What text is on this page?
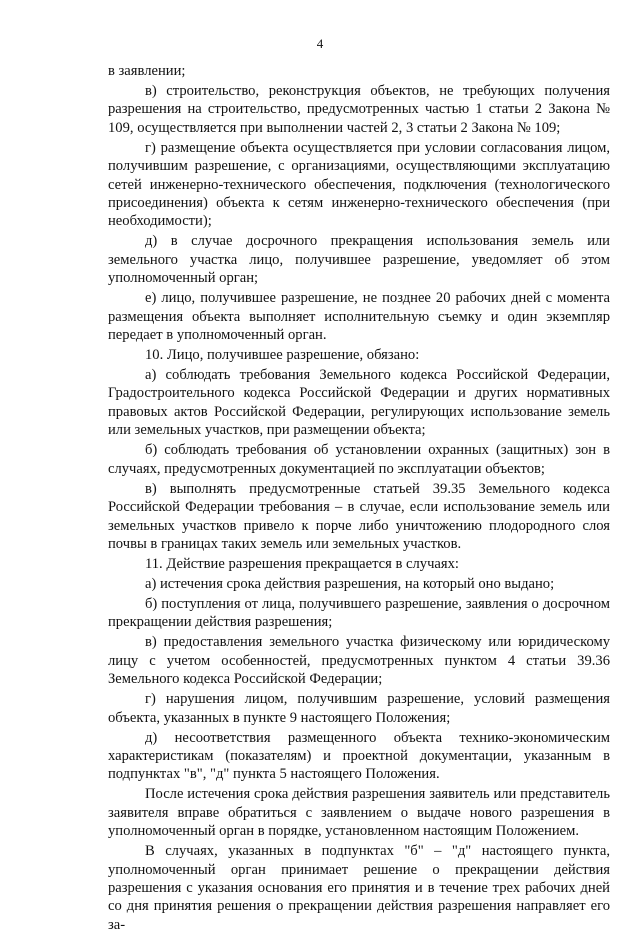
4

в заявлении;

в) строительство, реконструкция объектов, не требующих получения разрешения на строительство, предусмотренных частью 1 статьи 2 Закона № 109, осуществляется при выполнении частей 2, 3 статьи 2 Закона № 109;

г) размещение объекта осуществляется при условии согласования лицом, получившим разрешение, с организациями, осуществляющими эксплуатацию сетей инженерно-технического обеспечения, подключения (технологического присоединения) объекта к сетям инженерно-технического обеспечения (при необходимости);

д) в случае досрочного прекращения использования земель или земельного участка лицо, получившее разрешение, уведомляет об этом уполномоченный орган;

е) лицо, получившее разрешение, не позднее 20 рабочих дней с момента размещения объекта выполняет исполнительную съемку и один экземпляр передает в уполномоченный орган.

10. Лицо, получившее разрешение, обязано:

а) соблюдать требования Земельного кодекса Российской Федерации, Градостроительного кодекса Российской Федерации и других нормативных правовых актов Российской Федерации, регулирующих использование земель или земельных участков, при размещении объекта;

б) соблюдать требования об установлении охранных (защитных) зон в случаях, предусмотренных документацией по эксплуатации объектов;

в) выполнять предусмотренные статьей 39.35 Земельного кодекса Российской Федерации требования – в случае, если использование земель или земельных участков привело к порче либо уничтожению плодородного слоя почвы в границах таких земель или земельных участков.

11. Действие разрешения прекращается в случаях:

а) истечения срока действия разрешения, на который оно выдано;

б) поступления от лица, получившего разрешение, заявления о досрочном прекращении действия разрешения;

в) предоставления земельного участка физическому или юридическому лицу с учетом особенностей, предусмотренных пунктом 4 статьи 39.36 Земельного кодекса Российской Федерации;

г) нарушения лицом, получившим разрешение, условий размещения объекта, указанных в пункте 9 настоящего Положения;

д) несоответствия размещенного объекта технико-экономическим характеристикам (показателям) и проектной документации, указанным в подпунктах "в", "д" пункта 5 настоящего Положения.

После истечения срока действия разрешения заявитель или представитель заявителя вправе обратиться с заявлением о выдаче нового разрешения в уполномоченный орган в порядке, установленном настоящим Положением.

В случаях, указанных в подпунктах "б" – "д" настоящего пункта, уполномоченный орган принимает решение о прекращении действия разрешения с указания основания его принятия и в течение трех рабочих дней со дня принятия решения о прекращении действия разрешения направляет его за-
